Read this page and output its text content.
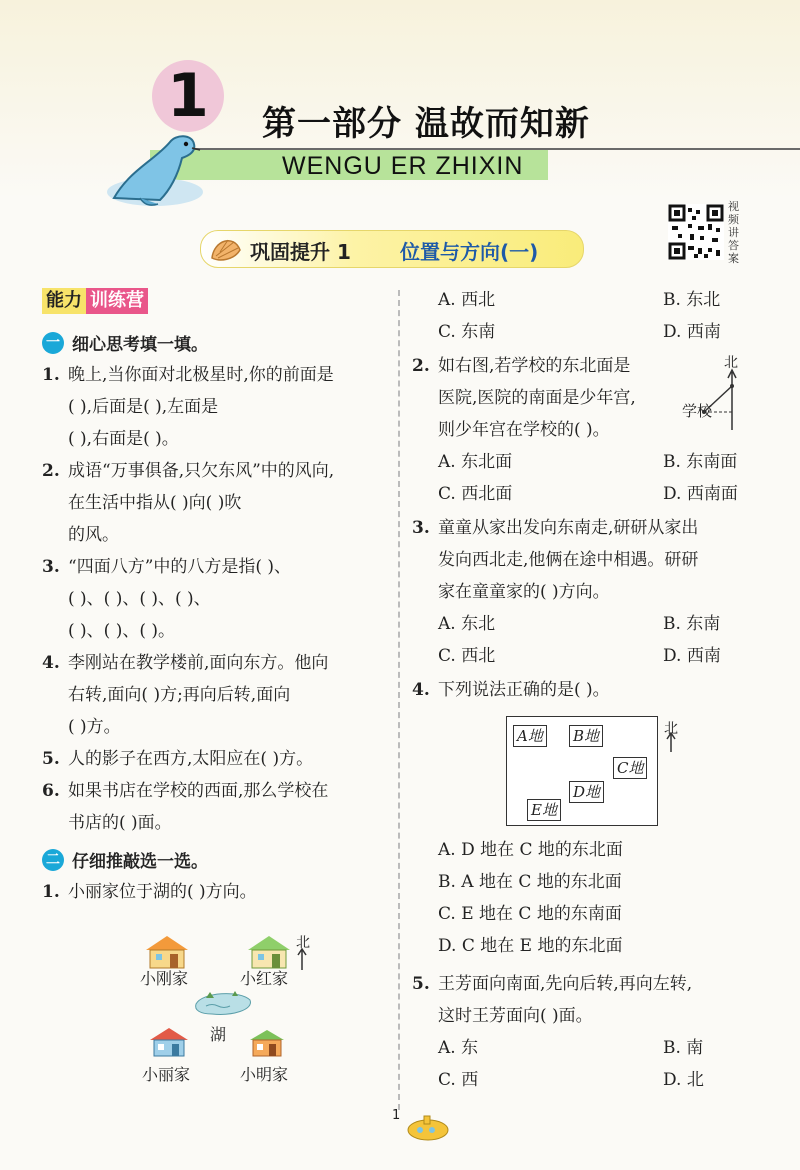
1	第一部分 温故而知新
WENGU ER ZHIXIN
视频讲答案
巩固提升 1 位置与方向(一)
能力 训练营
一 细心思考填一填。
1. 晚上,当你面对北极星时,你的前面是
( ),后面是( ),左面是
( ),右面是( )。
2. 成语“万事俱备,只欠东风”中的风向,
在生活中指从( )向( )吹
的风。
3. “四面八方”中的八方是指( )、
( )、( )、( )、( )、
( )、( )、( )。
4. 李刚站在教学楼前,面向东方。他向
右转,面向( )方;再向后转,面向
( )方。
5. 人的影子在西方,太阳应在( )方。
6. 如果书店在学校的西面,那么学校在
书店的( )面。
二 仔细推敲选一选。
1. 小丽家位于湖的( )方向。
小刚家	小红家
北
湖
小丽家	小明家
A. 西北	B. 东北
C. 东南	D. 西南
2. 如右图,若学校的东北面是
医院,医院的南面是少年宫,
则少年宫在学校的( )。
A. 东北面	B. 东南面
C. 西北面	D. 西南面
3. 童童从家出发向东南走,研研从家出
发向西北走,他俩在途中相遇。研研
家在童童家的( )方向。
A. 东北	B. 东南
C. 西北	D. 西南
4. 下列说法正确的是( )。
北
学校
A地 B地
C地
D地
E地
北
A. D 地在 C 地的东北面
B. A 地在 C 地的东北面
C. E 地在 C 地的东南面
D. C 地在 E 地的东北面
5. 王芳面向南面,先向后转,再向左转,
这时王芳面向( )面。
A. 东	B. 南
C. 西	D. 北
1
